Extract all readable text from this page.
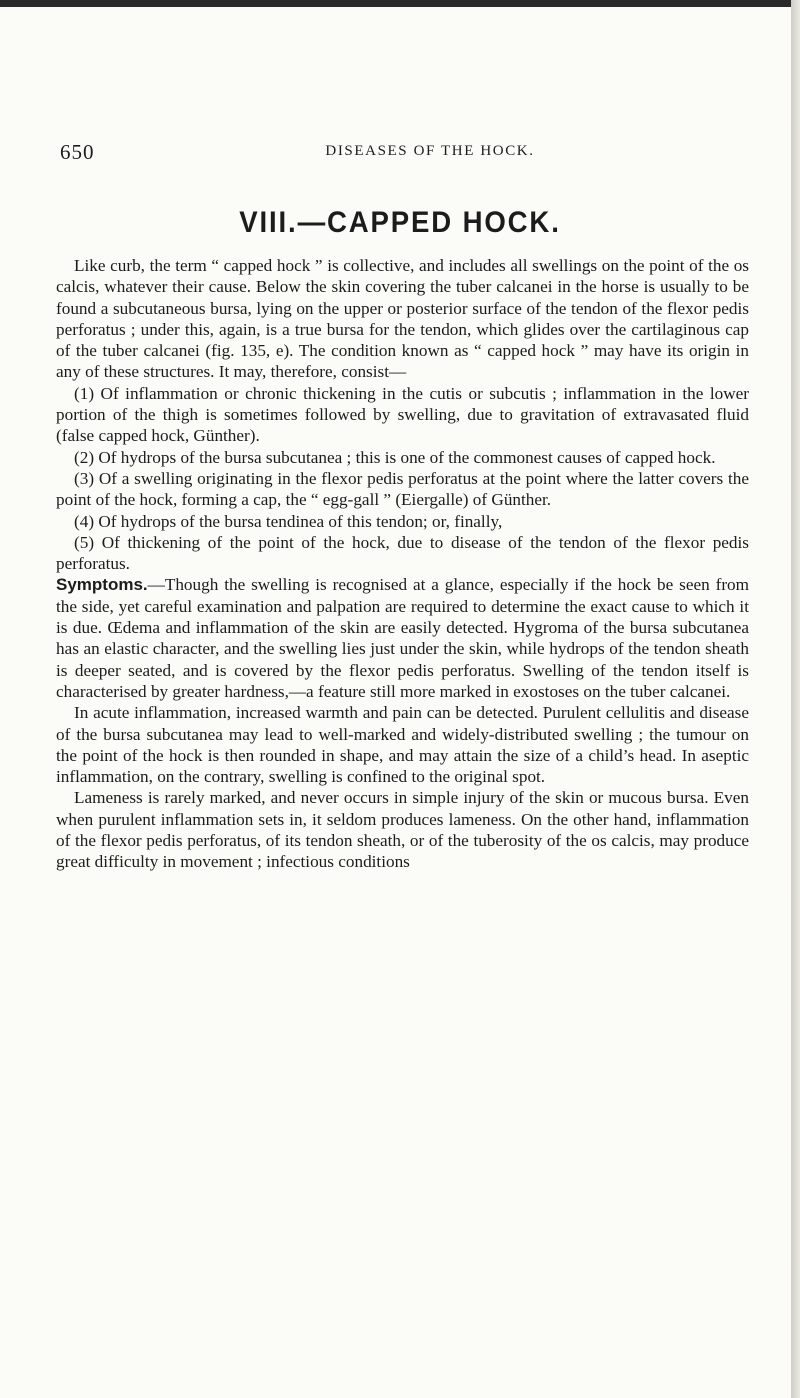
650	DISEASES OF THE HOCK.
VIII.—CAPPED HOCK.

Like curb, the term “ capped hock ” is collective, and includes all swellings on the point of the os calcis, whatever their cause. Below the skin covering the tuber calcanei in the horse is usually to be found a subcutaneous bursa, lying on the upper or posterior surface of the tendon of the flexor pedis perforatus ; under this, again, is a true bursa for the tendon, which glides over the cartilaginous cap of the tuber calcanei (fig. 135, e). The condition known as “ capped hock ” may have its origin in any of these structures. It may, therefore, consist—

(1) Of inflammation or chronic thickening in the cutis or subcutis ; inflammation in the lower portion of the thigh is sometimes followed by swelling, due to gravitation of extravasated fluid (false capped hock, Günther).

(2) Of hydrops of the bursa subcutanea ; this is one of the commonest causes of capped hock.

(3) Of a swelling originating in the flexor pedis perforatus at the point where the latter covers the point of the hock, forming a cap, the “ egg-gall ” (Eiergalle) of Günther.

(4) Of hydrops of the bursa tendinea of this tendon; or, finally,

(5) Of thickening of the point of the hock, due to disease of the tendon of the flexor pedis perforatus.

Symptoms.—Though the swelling is recognised at a glance, especially if the hock be seen from the side, yet careful examination and palpation are required to determine the exact cause to which it is due. Œdema and inflammation of the skin are easily detected. Hygroma of the bursa subcutanea has an elastic character, and the swelling lies just under the skin, while hydrops of the tendon sheath is deeper seated, and is covered by the flexor pedis perforatus. Swelling of the tendon itself is characterised by greater hardness,—a feature still more marked in exostoses on the tuber calcanei.

In acute inflammation, increased warmth and pain can be detected. Purulent cellulitis and disease of the bursa subcutanea may lead to well-marked and widely-distributed swelling ; the tumour on the point of the hock is then rounded in shape, and may attain the size of a child’s head. In aseptic inflammation, on the contrary, swelling is confined to the original spot.

Lameness is rarely marked, and never occurs in simple injury of the skin or mucous bursa. Even when purulent inflammation sets in, it seldom produces lameness. On the other hand, inflammation of the flexor pedis perforatus, of its tendon sheath, or of the tuberosity of the os calcis, may produce great difficulty in movement ; infectious conditions
